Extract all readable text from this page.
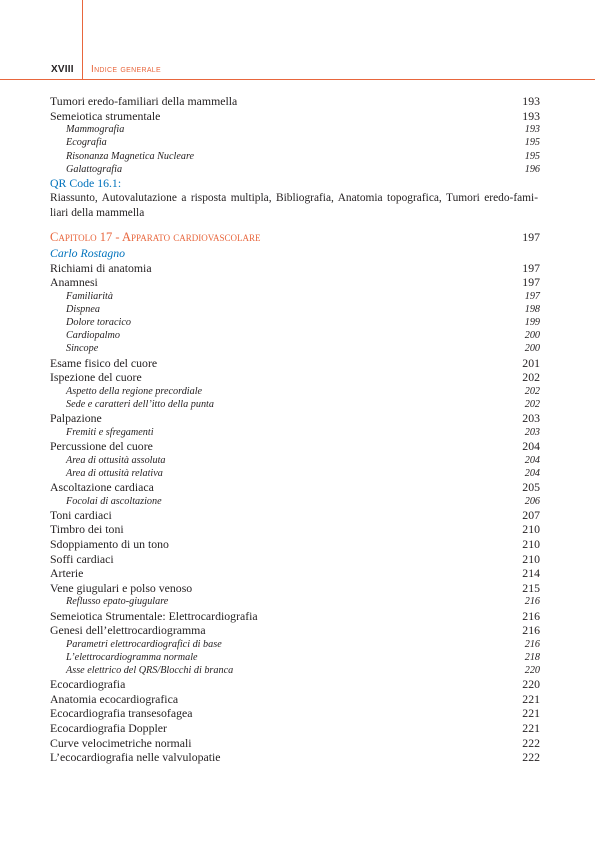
XVIII Indice generale
Tumori eredo-familiari della mammella	193
Semeiotica strumentale	193
Mammografia	193
Ecografia	195
Risonanza Magnetica Nucleare	195
Galattografia	196
QR Code 16.1:
Riassunto, Autovalutazione a risposta multipla, Bibliografia, Anatomia topografica, Tumori eredo-fami- liari della mammella
Capitolo 17 - Apparato cardiovascolare	197
Carlo Rostagno
Richiami di anatomia	197
Anamnesi	197
Familiarità	197
Dispnea	198
Dolore toracico	199
Cardiopalmo	200
Sincope	200
Esame fisico del cuore	201
Ispezione del cuore	202
Aspetto della regione precordiale	202
Sede e caratteri dell’itto della punta	202
Palpazione	203
Fremiti e sfregamenti	203
Percussione del cuore	204
Area di ottusità assoluta	204
Area di ottusità relativa	204
Ascoltazione cardiaca	205
Focolai di ascoltazione	206
Toni cardiaci	207
Timbro dei toni	210
Sdoppiamento di un tono	210
Soffi cardiaci	210
Arterie	214
Vene giugulari e polso venoso	215
Reflusso epato-giugulare	216
Semeiotica Strumentale: Elettrocardiografia	216
Genesi dell’elettrocardiogramma	216
Parametri elettrocardiografici di base	216
L’elettrocardiogramma normale	218
Asse elettrico del QRS/Blocchi di branca	220
Ecocardiografia	220
Anatomia ecocardiografica	221
Ecocardiografia transesofagea	221
Ecocardiografia Doppler	221
Curve velocimetriche normali	222
L’ecocardiografia nelle valvulopatie	222
